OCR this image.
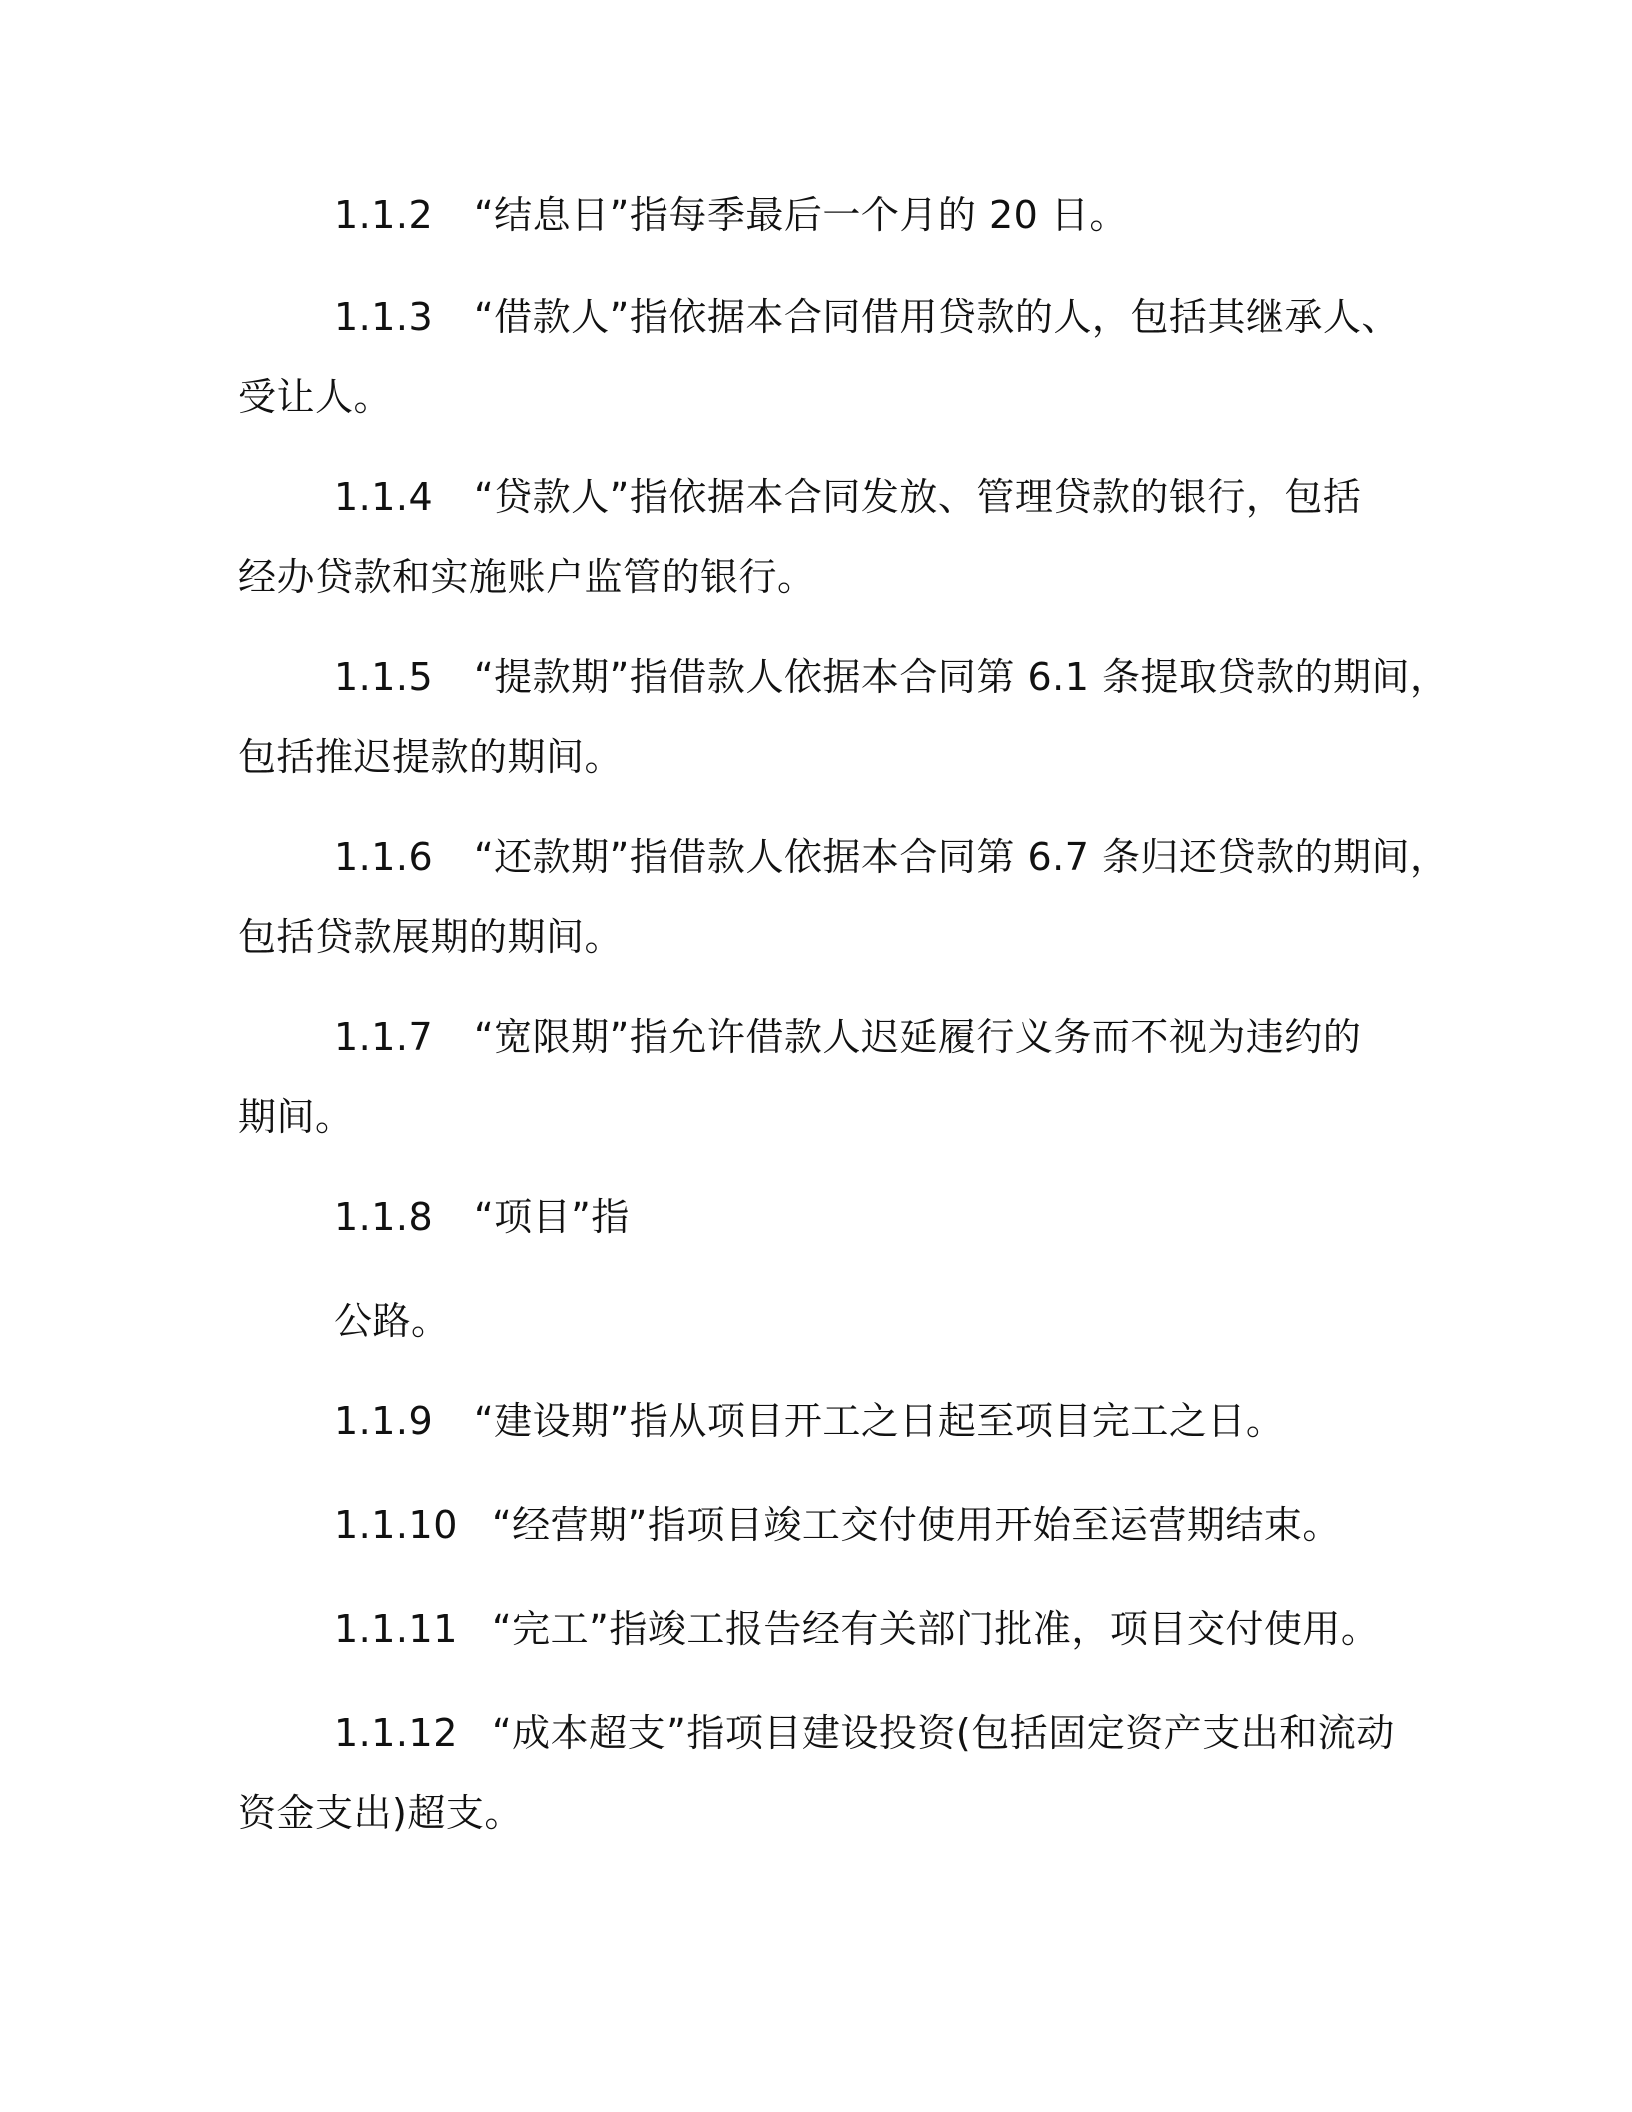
1.1.2 “结息日”指每季最后一个月的 20 日。
1.1.3 “借款人”指依据本合同借用贷款的人，包括其继承人、
受让人。
1.1.4 “贷款人”指依据本合同发放、管理贷款的银行，包括
经办贷款和实施账户监管的银行。
1.1.5 “提款期”指借款人依据本合同第 6.1 条提取贷款的期间，
包括推迟提款的期间。
1.1.6 “还款期”指借款人依据本合同第 6.7 条归还贷款的期间，
包括贷款展期的期间。
1.1.7 “宽限期”指允许借款人迟延履行义务而不视为违约的
期间。
1.1.8 “项目”指
公路。
1.1.9 “建设期”指从项目开工之日起至项目完工之日。
1.1.10 “经营期”指项目竣工交付使用开始至运营期结束。
1.1.11 “完工”指竣工报告经有关部门批准，项目交付使用。
1.1.12 “成本超支”指项目建设投资(包括固定资产支出和流动
资金支出)超支。
